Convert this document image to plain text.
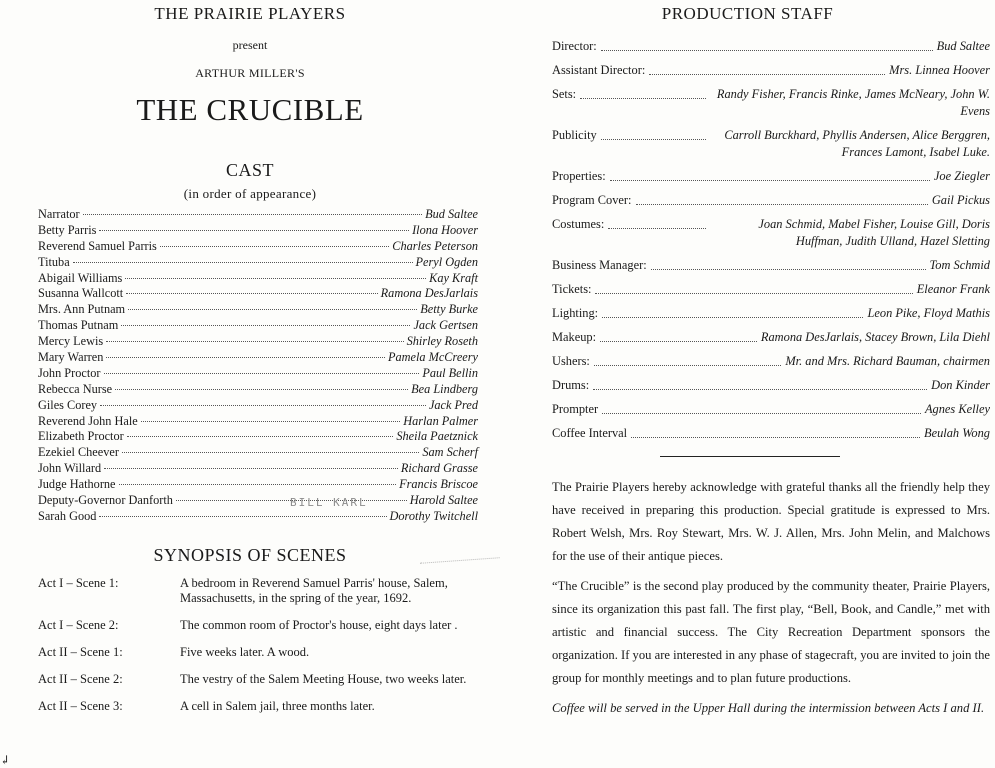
THE PRAIRIE PLAYERS
present
ARTHUR MILLER'S
THE CRUCIBLE
CAST
(in order of appearance)
Narrator	Bud Saltee
Betty Parris	Ilona Hoover
Reverend Samuel Parris	Charles Peterson
Tituba	Peryl Ogden
Abigail Williams	Kay Kraft
Susanna Wallcott	Ramona DesJarlais
Mrs. Ann Putnam	Betty Burke
Thomas Putnam	Jack Gertsen
Mercy Lewis	Shirley Roseth
Mary Warren	Pamela McCreery
John Proctor	Paul Bellin
Rebecca Nurse	Bea Lindberg
Giles Corey	Jack Pred
Reverend John Hale	Harlan Palmer
Elizabeth Proctor	Sheila Paetznick
Ezekiel Cheever	Sam Scherf
John Willard	Richard Grasse
Judge Hathorne	Francis Briscoe
Deputy-Governor Danforth	Harold Saltee
Sarah Good	Dorothy Twitchell
BILL KARL
SYNOPSIS OF SCENES
Act I – Scene 1:	A bedroom in Reverend Samuel Parris' house, Salem, Massachusetts, in the spring of the year, 1692.
Act I – Scene 2:	The common room of Proctor's house, eight days later .
Act II – Scene 1:	Five weeks later. A wood.
Act II – Scene 2:	The vestry of the Salem Meeting House, two weeks later.
Act II – Scene 3:	A cell in Salem jail, three months later.
PRODUCTION STAFF
Director:	Bud Saltee
Assistant Director:	Mrs. Linnea Hoover
Sets:	Randy Fisher, Francis Rinke, James McNeary, John W. Evens
Publicity	Carroll Burckhard, Phyllis Andersen, Alice Berggren, Frances Lamont, Isabel Luke.
Properties:	Joe Ziegler
Program Cover:	Gail Pickus
Costumes:	Joan Schmid, Mabel Fisher, Louise Gill, Doris Huffman, Judith Ulland, Hazel Sletting
Business Manager:	Tom Schmid
Tickets:	Eleanor Frank
Lighting:	Leon Pike, Floyd Mathis
Makeup:	Ramona DesJarlais, Stacey Brown, Lila Diehl
Ushers:	Mr. and Mrs. Richard Bauman, chairmen
Drums:	Don Kinder
Prompter	Agnes Kelley
Coffee Interval	Beulah Wong

The Prairie Players hereby acknowledge with grateful thanks all the friendly help they have received in preparing this production. Special gratitude is expressed to Mrs. Robert Welsh, Mrs. Roy Stewart, Mrs. W. J. Allen, Mrs. John Melin, and Malchows for the use of their antique pieces.

“The Crucible” is the second play produced by the community theater, Prairie Players, since its organization this past fall. The first play, “Bell, Book, and Candle,” met with artistic and financial success. The City Recreation Department sponsors the organization. If you are interested in any phase of stagecraft, you are invited to join the group for monthly meetings and to plan future productions.

Coffee will be served in the Upper Hall during the intermission between Acts I and II.

↲
